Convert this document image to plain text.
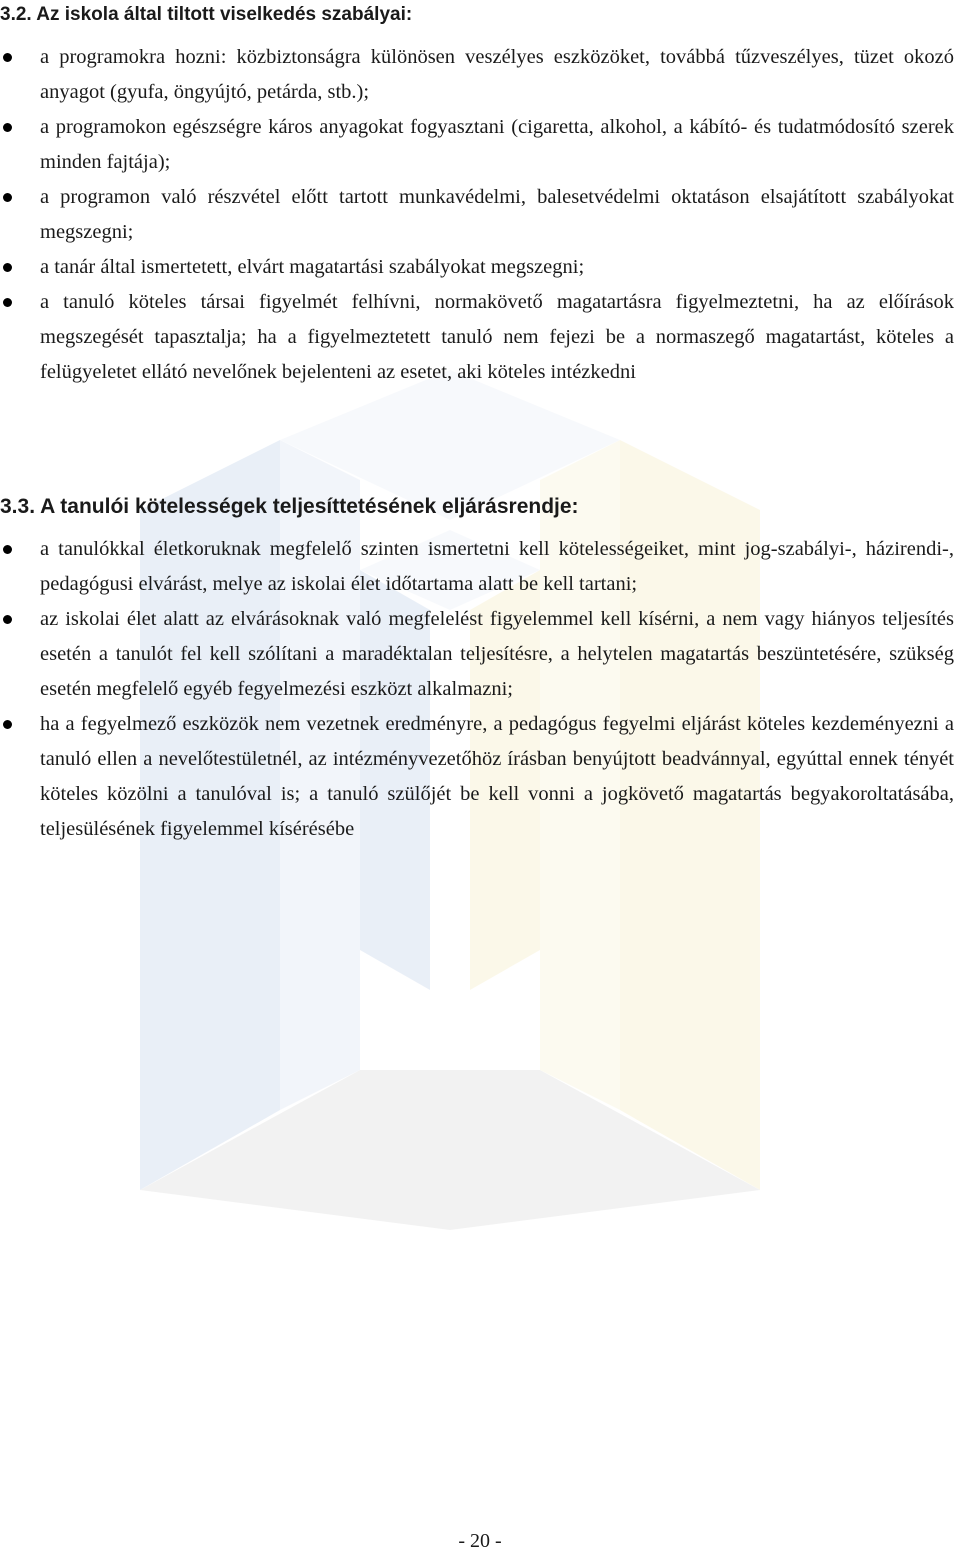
3.2. Az iskola által tiltott viselkedés szabályai:
a programokra hozni: közbiztonságra különösen veszélyes eszközöket, továbbá tűzveszélyes, tüzet okozó anyagot (gyufa, öngyújtó, petárda, stb.);
a programokon egészségre káros anyagokat fogyasztani (cigaretta, alkohol, a kábító- és tudatmódosító szerek minden fajtája);
a programon való részvétel előtt tartott munkavédelmi, balesetvédelmi oktatáson elsajátított szabályokat megszegni;
a tanár által ismertetett, elvárt magatartási szabályokat megszegni;
a tanuló köteles társai figyelmét felhívni, normakövető magatartásra figyelmeztetni, ha az előírások megszegését tapasztalja; ha a figyelmeztetett tanuló nem fejezi be a normaszegő magatartást, köteles a felügyeletet ellátó nevelőnek bejelenteni az esetet, aki köteles intézkedni
3.3. A tanulói kötelességek teljesíttetésének eljárásrendje:
a tanulókkal életkoruknak megfelelő szinten ismertetni kell kötelességeiket, mint jog-szabályi-, házirendi-, pedagógusi elvárást, melye az iskolai élet időtartama alatt be kell tartani;
az iskolai élet alatt az elvárásoknak való megfelelést figyelemmel kell kísérni, a nem vagy hiányos teljesítés esetén a tanulót fel kell szólítani a maradéktalan teljesítésre, a helytelen magatartás beszüntetésére, szükség esetén megfelelő egyéb fegyelmezési eszközt alkalmazni;
ha a fegyelmező eszközök nem vezetnek eredményre, a pedagógus fegyelmi eljárást köteles kezdeményezni a tanuló ellen a nevelőtestületnél, az intézményvezetőhöz írásban benyújtott beadvánnyal, egyúttal ennek tényét köteles közölni a tanulóval is; a tanuló szülőjét be kell vonni a jogkövető magatartás begyakoroltatásába, teljesülésének figyelemmel kísérésébe
- 20 -
